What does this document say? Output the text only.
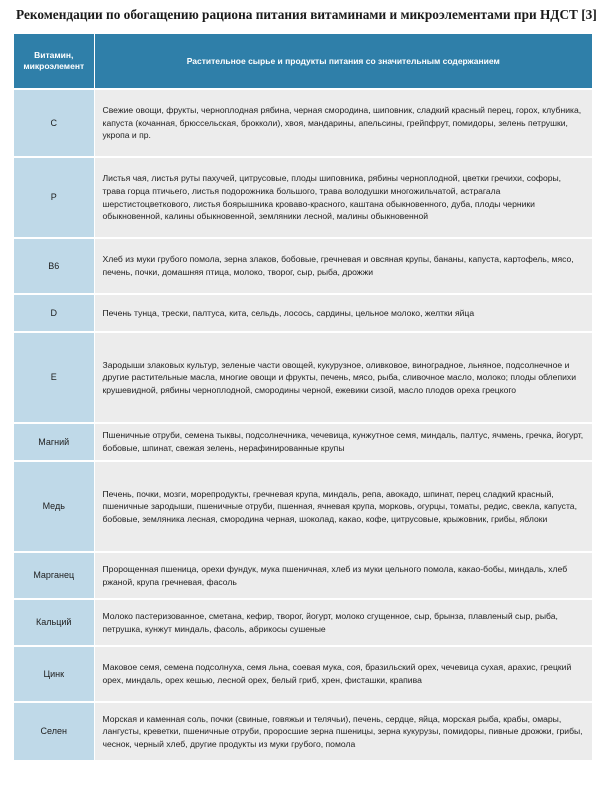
Рекомендации по обогащению рациона питания витаминами и микроэлементами при НДСТ [3]
Витамин, микроэлемент	Растительное сырье и продукты питания со значительным содержанием
С	Свежие овощи, фрукты, черноплодная рябина, черная смородина, шиповник, сладкий красный перец, горох, клубника, капуста (кочанная, брюссельская, брокколи), хвоя, мандарины, апельсины, грейпфрут, помидоры, зелень петрушки, укропа и пр.
Р	Листья чая, листья руты пахучей, цитрусовые, плоды шиповника, рябины черноплодной, цветки гречихи, софоры, трава горца птичьего, листья подорожника большого, трава володушки многожильчатой, астрагала шерстистоцветкового, листья боярышника кроваво-красного, каштана обыкновенного, дуба, плоды черники обыкновенной, калины обыкновенной, земляники лесной, малины обыкновенной
В6	Хлеб из муки грубого помола, зерна злаков, бобовые, гречневая и овсяная крупы, бананы, капуста, картофель, мясо, печень, почки, домашняя птица, молоко, творог, сыр, рыба, дрожжи
D	Печень тунца, трески, палтуса, кита, сельдь, лосось, сардины, цельное молоко, желтки яйца
Е	Зародыши злаковых культур, зеленые части овощей, кукурузное, оливковое, виноградное, льняное, подсолнечное и другие растительные масла, многие овощи и фрукты, печень, мясо, рыба, сливочное масло, молоко; плоды облепихи крушевидной, рябины черноплодной, смородины черной, ежевики сизой, масло плодов ореха грецкого
Магний	Пшеничные отруби, семена тыквы, подсолнечника, чечевица, кунжутное семя, миндаль, палтус, ячмень, гречка, йогурт, бобовые, шпинат, свежая зелень, нерафинированные крупы
Медь	Печень, почки, мозги, морепродукты, гречневая крупа, миндаль, репа, авокадо, шпинат, перец сладкий красный, пшеничные зародыши, пшеничные отруби, пшенная, ячневая крупа, морковь, огурцы, томаты, редис, свекла, капуста, бобовые, земляника лесная, смородина черная, шоколад, какао, кофе, цитрусовые, крыжовник, грибы, яблоки
Марганец	Пророщенная пшеница, орехи фундук, мука пшеничная, хлеб из муки цельного помола, какао-бобы, миндаль, хлеб ржаной, крупа гречневая, фасоль
Кальций	Молоко пастеризованное, сметана, кефир, творог, йогурт, молоко сгущенное, сыр, брынза, плавленый сыр, рыба, петрушка, кунжут миндаль, фасоль, абрикосы сушеные
Цинк	Маковое семя, семена подсолнуха, семя льна, соевая мука, соя, бразильский орех, чечевица сухая, арахис, грецкий орех, миндаль, орех кешью, лесной орех, белый гриб, хрен, фисташки, крапива
Селен	Морская и каменная соль, почки (свиные, говяжьи и телячьи), печень, сердце, яйца, морская рыба, крабы, омары, лангусты, креветки, пшеничные отруби, проросшие зерна пшеницы, зерна кукурузы, помидоры, пивные дрожжи, грибы, чеснок, черный хлеб, другие продукты из муки грубого, помола
